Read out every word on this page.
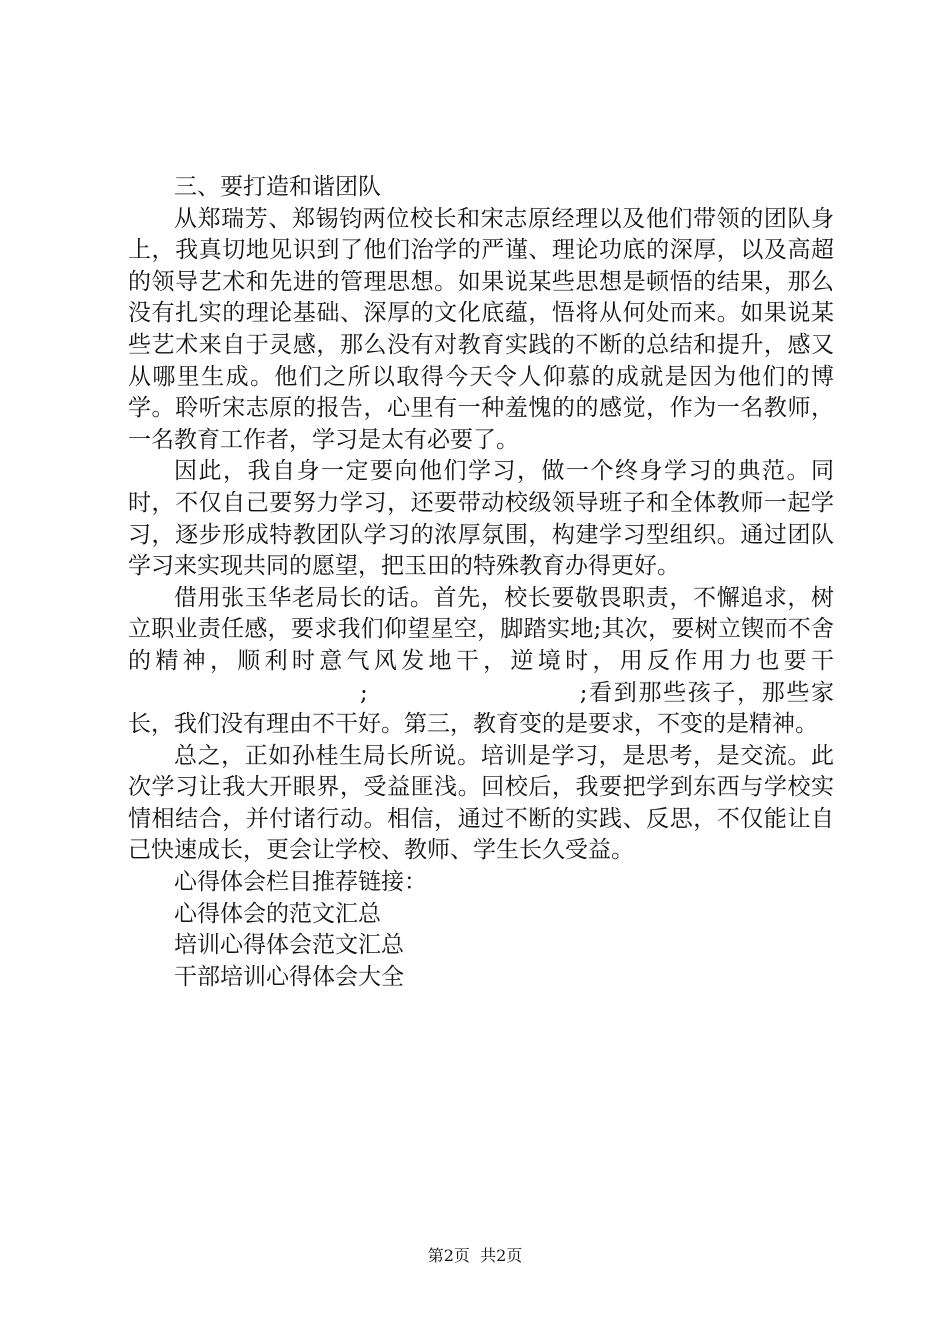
三、要打造和谐团队

从郑瑞芳、郑锡钧两位校长和宋志原经理以及他们带领的团队身上，我真切地见识到了他们治学的严谨、理论功底的深厚，以及高超的领导艺术和先进的管理思想。如果说某些思想是顿悟的结果，那么没有扎实的理论基础、深厚的文化底蕴，悟将从何处而来。如果说某些艺术来自于灵感，那么没有对教育实践的不断的总结和提升，感又从哪里生成。他们之所以取得今天令人仰慕的成就是因为他们的博学。聆听宋志原的报告，心里有一种羞愧的的感觉，作为一名教师，一名教育工作者，学习是太有必要了。

因此，我自身一定要向他们学习，做一个终身学习的典范。同时，不仅自己要努力学习，还要带动校级领导班子和全体教师一起学习，逐步形成特教团队学习的浓厚氛围，构建学习型组织。通过团队学习来实现共同的愿望，把玉田的特殊教育办得更好。

借用张玉华老局长的话。首先，校长要敬畏职责，不懈追求，树立职业责任感，要求我们仰望星空，脚踏实地;其次，要树立锲而不舍的精神，顺利时意气风发地干，逆境时，用反作用力也要干;	;看到那些孩子，那些家长，我们没有理由不干好。第三，教育变的是要求，不变的是精神。

总之，正如孙桂生局长所说。培训是学习，是思考，是交流。此次学习让我大开眼界，受益匪浅。回校后，我要把学到东西与学校实情相结合，并付诸行动。相信，通过不断的实践、反思，不仅能让自己快速成长，更会让学校、教师、学生长久受益。

心得体会栏目推荐链接：

心得体会的范文汇总

培训心得体会范文汇总

干部培训心得体会大全

第2页 共2页
